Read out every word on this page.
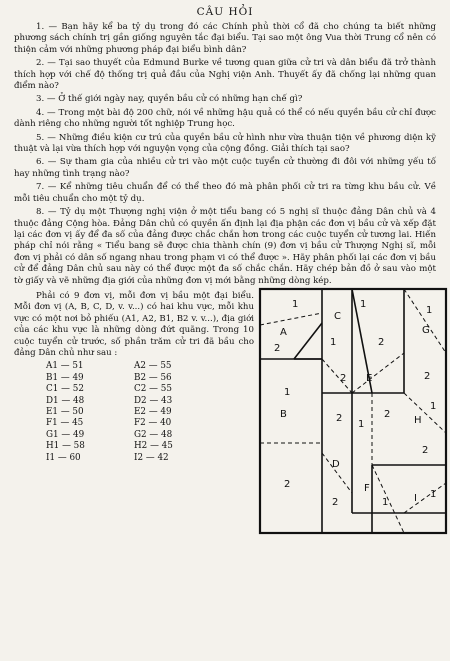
CÂU HỎI

1. — Bạn hãy kể ba tỷ dụ trong đó các Chính phủ thời cổ đã cho chúng ta biết những phương sách chính trị gần giống nguyên tắc đại biểu. Tại sao một ông Vua thời Trung cổ nên có thiện cảm với những phương pháp đại biểu bình dân?

2. — Tại sao thuyết của Edmund Burke về tương quan giữa cử tri và dân biểu đã trở thành thích hợp với chế độ thống trị quả đầu của Nghị viện Anh. Thuyết ấy đã chống lại những quan điểm nào?

3. — Ở thế giới ngày nay, quyền bầu cử có những hạn chế gì?

4. — Trong một bài độ 200 chữ, nói về những hậu quả có thể có nếu quyền bầu cử chỉ được dành riêng cho những người tốt nghiệp Trung học.

5. — Những điều kiện cư trú của quyền bầu cử hình như vừa thuận tiện về phương diện kỹ thuật và lại vừa thích hợp với nguyện vọng của cộng đồng. Giải thích tại sao?

6. — Sự tham gia của nhiều cử tri vào một cuộc tuyển cử thường đi đôi với những yếu tố hay những tình trạng nào?

7. — Kể những tiêu chuẩn để có thể theo đó mà phân phối cử tri ra từng khu bầu cử. Về mỗi tiêu chuẩn cho một tỷ dụ.

8. — Tỷ dụ một Thượng nghị viện ở một tiểu bang có 5 nghị sĩ thuộc đảng Dân chủ và 4 thuộc đảng Cộng hòa. Đảng Dân chủ có quyền ấn định lại địa phận các đơn vị bầu cử và xếp đặt lại các đơn vị ấy để đa số của đảng được chắc chắn hơn trong các cuộc tuyển cử tương lai. Hiến pháp chỉ nói rằng « Tiểu bang sẽ được chia thành chín (9) đơn vị bầu cử Thượng Nghị sĩ, mỗi đơn vị phải có dân số ngang nhau trong phạm vi có thể được ». Hãy phân phối lại các đơn vị bầu cử để đảng Dân chủ sau này có thể được một đa số chắc chắn. Hãy chép bản đồ ở sau vào một tờ giấy và vẽ những địa giới của những đơn vị mới bằng những dòng kép.

Phải có 9 đơn vị, mỗi đơn vị bầu một đại biểu. Mỗi đơn vị (A, B, C, D, v. v...) có hai khu vực, mỗi khu vực có một nơi bỏ phiếu (A1, A2, B1, B2 v. v...), địa giới của các khu vực là những dòng đứt quãng. Trong 10 cuộc tuyển cử trước, số phần trăm cử tri đã bầu cho đảng Dân chủ như sau :

A1 — 51	A2 — 55
B1 — 49	B2 — 56
C1 — 52	C2 — 55
D1 — 48	D2 — 43
E1 — 50	E2 — 49
F1 — 45	F2 — 40
G1 — 49	G2 — 48
H1 — 58	H2 — 45
I1 — 60	I2 — 42
A
B
C
D
E
F
G
H
I
1
2
1
2
1
2
1
2
2
1
2
1
2
1
1
2
2
1
